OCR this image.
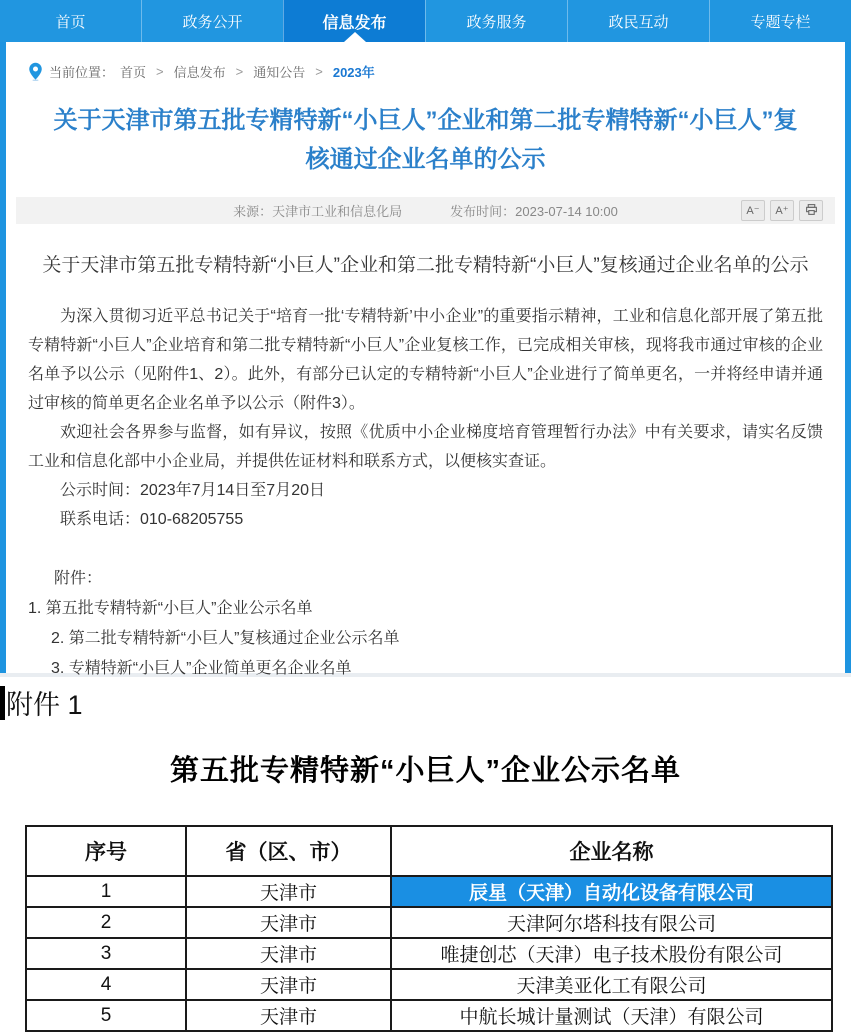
首页	政务公开	信息发布	政务服务	政民互动	专题专栏
当前位置： 首页 > 信息发布 > 通知公告 > 2023年
关于天津市第五批专精特新“小巨人”企业和第二批专精特新“小巨人”复核通过企业名单的公示
来源：天津市工业和信息化局	发布时间：2023-07-14 10:00	A⁻	A⁺
关于天津市第五批专精特新“小巨人”企业和第二批专精特新“小巨人”复核通过企业名单的公示

为深入贯彻习近平总书记关于“培育一批‘专精特新’中小企业”的重要指示精神，工业和信息化部开展了第五批专精特新“小巨人”企业培育和第二批专精特新“小巨人”企业复核工作，已完成相关审核，现将我市通过审核的企业名单予以公示（见附件1、2）。此外，有部分已认定的专精特新“小巨人”企业进行了简单更名，一并将经申请并通过审核的简单更名企业名单予以公示（附件3）。

欢迎社会各界参与监督，如有异议，按照《优质中小企业梯度培育管理暂行办法》中有关要求，请实名反馈工业和信息化部中小企业局，并提供佐证材料和联系方式，以便核实查证。

公示时间：2023年7月14日至7月20日
联系电话：010-68205755
附件：
1. 第五批专精特新“小巨人”企业公示名单
2. 第二批专精特新“小巨人”复核通过企业公示名单
3. 专精特新“小巨人”企业简单更名企业名单
附件 1
第五批专精特新“小巨人”企业公示名单
序号	省（区、市）	企业名称
1	天津市	辰星（天津）自动化设备有限公司
2	天津市	天津阿尔塔科技有限公司
3	天津市	唯捷创芯（天津）电子技术股份有限公司
4	天津市	天津美亚化工有限公司
5	天津市	中航长城计量测试（天津）有限公司
